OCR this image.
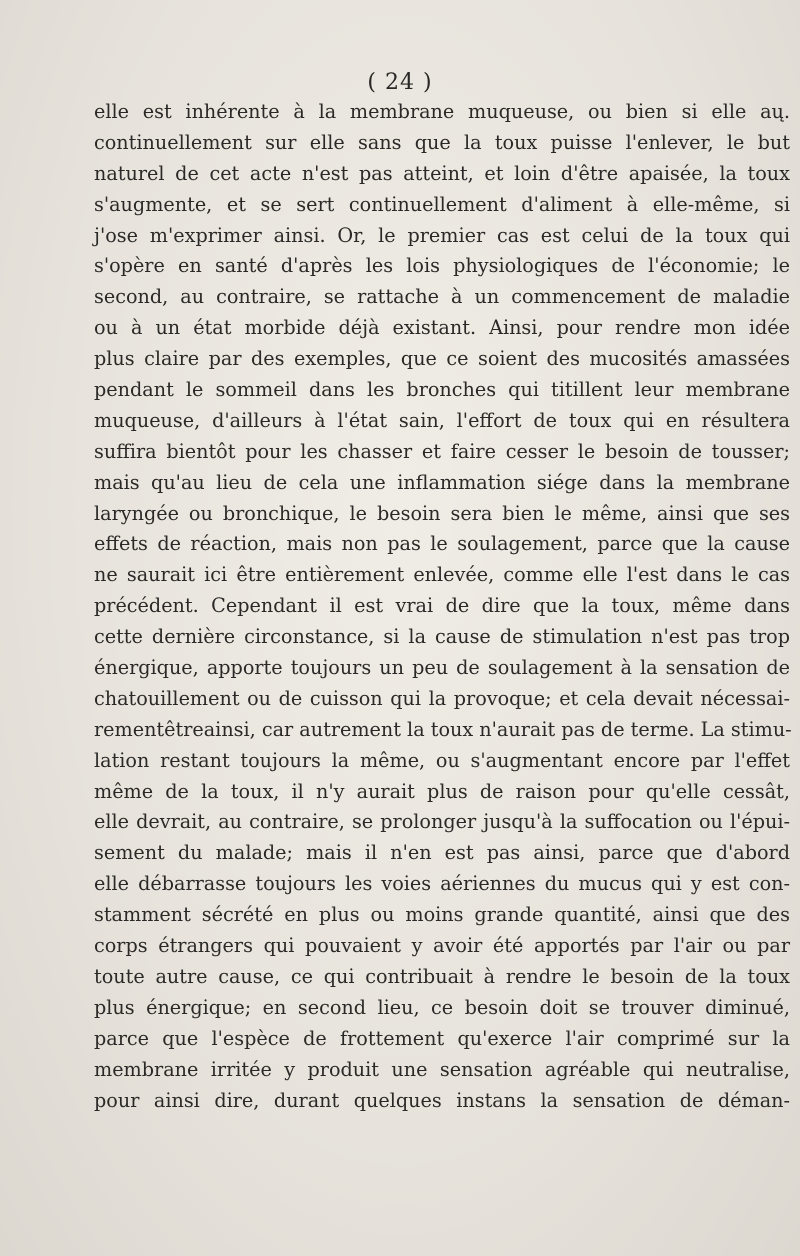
( 24 )
elle est inhérente à la membrane muqueuse, ou bien si elle aų.
continuellement sur elle sans que la toux puisse l'enlever, le but
naturel de cet acte n'est pas atteint, et loin d'être apaisée, la toux
s'augmente, et se sert continuellement d'aliment à elle-même, si
j'ose m'exprimer ainsi. Or, le premier cas est celui de la toux qui
s'opère en santé d'après les lois physiologiques de l'économie; le
second, au contraire, se rattache à un commencement de maladie
ou à un état morbide déjà existant. Ainsi, pour rendre mon idée
plus claire par des exemples, que ce soient des mucosités amassées
pendant le sommeil dans les bronches qui titillent leur membrane
muqueuse, d'ailleurs à l'état sain, l'effort de toux qui en résultera
suffira bientôt pour les chasser et faire cesser le besoin de tousser;
mais qu'au lieu de cela une inflammation siége dans la membrane
laryngée ou bronchique, le besoin sera bien le même, ainsi que ses
effets de réaction, mais non pas le soulagement, parce que la cause
ne saurait ici être entièrement enlevée, comme elle l'est dans le cas
précédent. Cependant il est vrai de dire que la toux, même dans
cette dernière circonstance, si la cause de stimulation n'est pas trop
énergique, apporte toujours un peu de soulagement à la sensation de
chatouillement ou de cuisson qui la provoque; et cela devait nécessai-
rementêtreainsi, car autrement la toux n'aurait pas de terme. La stimu-
lation restant toujours la même, ou s'augmentant encore par l'effet
même de la toux, il n'y aurait plus de raison pour qu'elle cessât,
elle devrait, au contraire, se prolonger jusqu'à la suffocation ou l'épui-
sement du malade; mais il n'en est pas ainsi, parce que d'abord
elle débarrasse toujours les voies aériennes du mucus qui y est con-
stamment sécrété en plus ou moins grande quantité, ainsi que des
corps étrangers qui pouvaient y avoir été apportés par l'air ou par
toute autre cause, ce qui contribuait à rendre le besoin de la toux
plus énergique; en second lieu, ce besoin doit se trouver diminué,
parce que l'espèce de frottement qu'exerce l'air comprimé sur la
membrane irritée y produit une sensation agréable qui neutralise,
pour ainsi dire, durant quelques instans la sensation de déman-
